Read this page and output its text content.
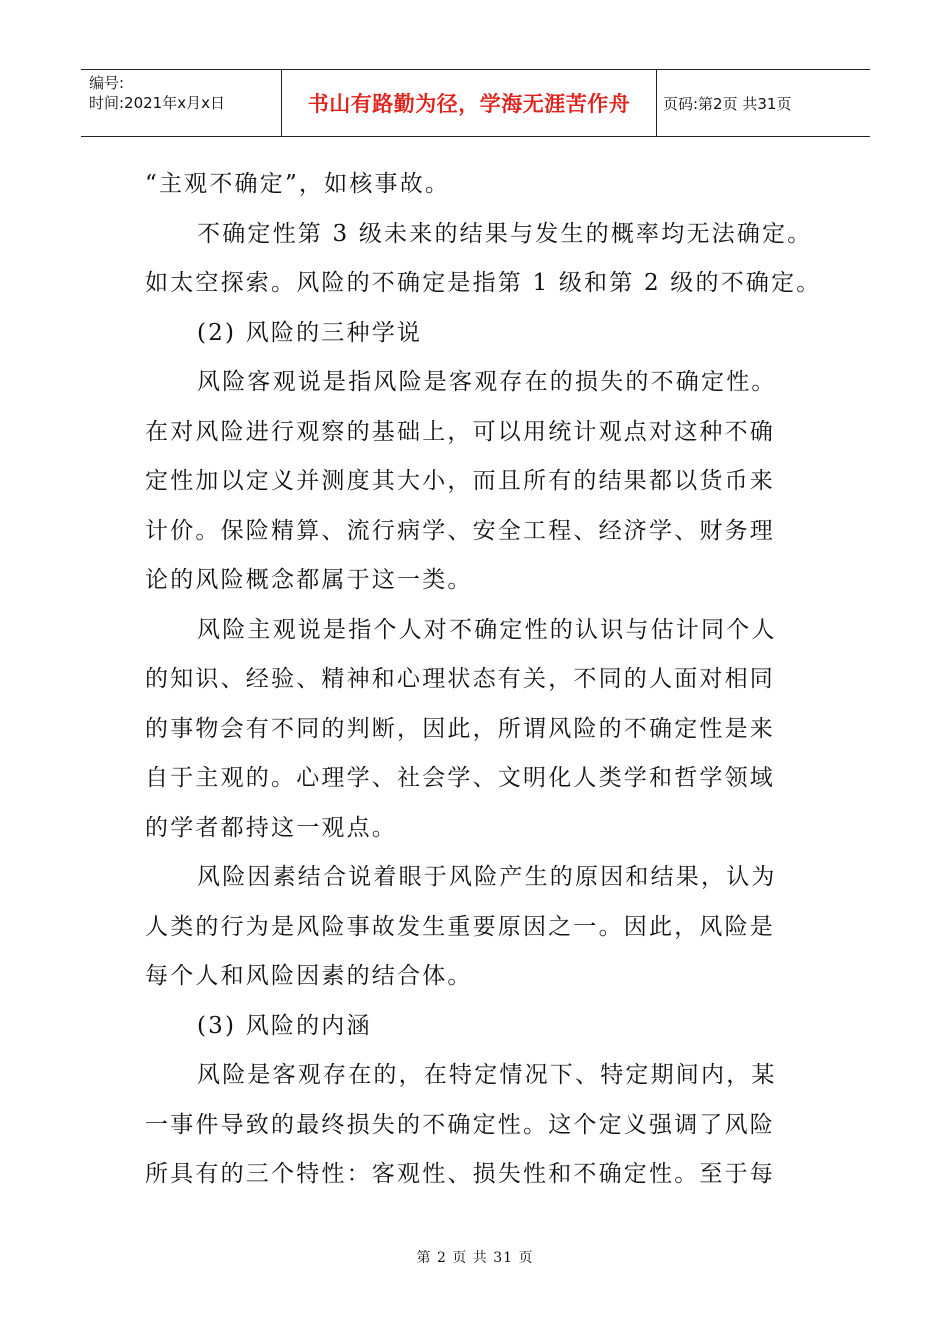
编号:
时间:2021年x月x日	书山有路勤为径，学海无涯苦作舟	页码:第2页 共31页

“主观不确定”，如核事故。

不确定性第 3 级未来的结果与发生的概率均无法确定。

如太空探索。风险的不确定是指第 1 级和第 2 级的不确定。

(2) 风险的三种学说

风险客观说是指风险是客观存在的损失的不确定性。

在对风险进行观察的基础上，可以用统计观点对这种不确

定性加以定义并测度其大小，而且所有的结果都以货币来

计价。保险精算、流行病学、安全工程、经济学、财务理

论的风险概念都属于这一类。

风险主观说是指个人对不确定性的认识与估计同个人

的知识、经验、精神和心理状态有关，不同的人面对相同

的事物会有不同的判断，因此，所谓风险的不确定性是来

自于主观的。心理学、社会学、文明化人类学和哲学领域

的学者都持这一观点。

风险因素结合说着眼于风险产生的原因和结果，认为

人类的行为是风险事故发生重要原因之一。因此，风险是

每个人和风险因素的结合体。

(3) 风险的内涵

风险是客观存在的，在特定情况下、特定期间内，某

一事件导致的最终损失的不确定性。这个定义强调了风险

所具有的三个特性：客观性、损失性和不确定性。至于每

第 2 页 共 31 页
